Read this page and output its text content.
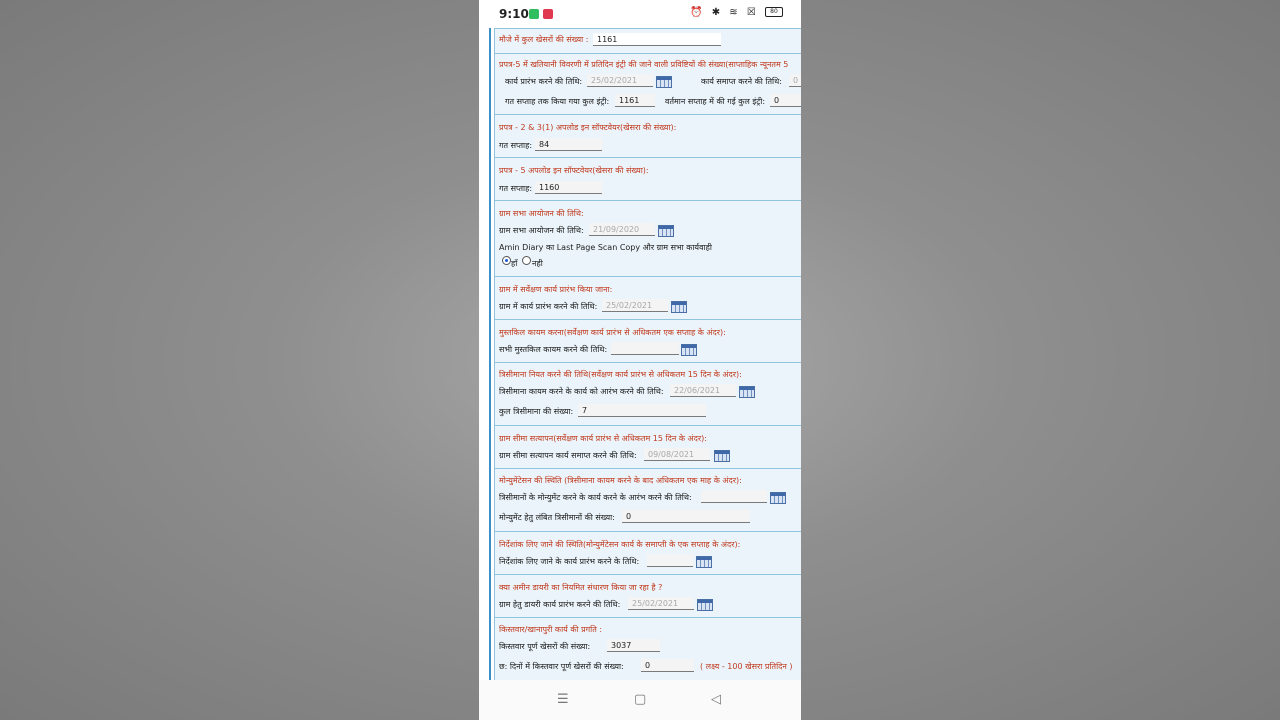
9:10	⏰ ✱ ≋ ☒ 80
मौजे में कुल खेसरों की संख्या :	1161
प्रपत्र-5 में खतियानी विवरणी में प्रतिदिन इंट्री की जाने वाली प्रविष्टियों की संख्या(साप्ताहिक न्यूनतम 5
कार्य प्रारंभ करने की तिथि:	25/02/2021	कार्य समाप्त करने की तिथि:	0
गत सप्ताह तक किया गया कुल इंट्री:	1161	वर्तमान सप्ताह में की गई कुल इंट्री:	0
प्रपत्र - 2 & 3(1) अपलोड इन सॉफ्टवेयर(खेसरा की संख्या):
गत सप्ताह: 84
प्रपत्र - 5 अपलोड इन सॉफ्टवेयर(खेसरा की संख्या):
गत सप्ताह: 1160
ग्राम सभा आयोजन की तिथि:
ग्राम सभा आयोजन की तिथि:	21/09/2020
Amin Diary का Last Page Scan Copy और ग्राम सभा कार्यवाही
हाँ नही
ग्राम में सर्वेक्षण कार्य प्रारंभ किया जाना:
ग्राम में कार्य प्रारंभ करने की तिथि:	25/02/2021
मुस्तकिल कायम करना(सर्वेक्षण कार्य प्रारंभ से अधिकतम एक सप्ताह के अंदर):
सभी मुस्तकिल कायम करने की तिथि:
त्रिसीमाना नियत करने की तिथि(सर्वेक्षण कार्य प्रारंभ से अधिकतम 15 दिन के अंदर):
त्रिसीमाना कायम करने के कार्य को आरंभ करने की तिथि:	22/06/2021
कुल त्रिसीमाना की संख्या:	7
ग्राम सीमा सत्यापन(सर्वेक्षण कार्य प्रारंभ से अधिकतम 15 दिन के अंदर):
ग्राम सीमा सत्यापन कार्य समाप्त करने की तिथि:	09/08/2021
मोन्युमेंटेसन की स्थिति (त्रिसीमाना कायम करने के बाद अधिकतम एक माह के अंदर):
त्रिसीमानों के मोन्युमेंट करने के कार्य करने के आरंभ करने की तिथि:
मोन्युमेंट हेतु लंबित त्रिसीमानों की संख्या:	0
निर्देशांक लिए जाने की स्थिति(मोन्युमेंटेसन कार्य के समाप्ती के एक सप्ताह के अंदर):
निर्देशांक लिए जाने के कार्य प्रारंभ करने के तिथि:
क्या अमीन डायरी का नियमित संधारण किया जा रहा है ?
ग्राम हेतु डायरी कार्य प्रारंभ करने की तिथि:	25/02/2021
किस्तवार/खानापुरी कार्य की प्रगति :
किस्तवार पूर्ण खेसरों की संख्या:	3037
छ: दिनों में किस्तवार पूर्ण खेसरों की संख्या:	0	( लक्ष्य - 100 खेसरा प्रतिदिन )
☰	▢	◁
